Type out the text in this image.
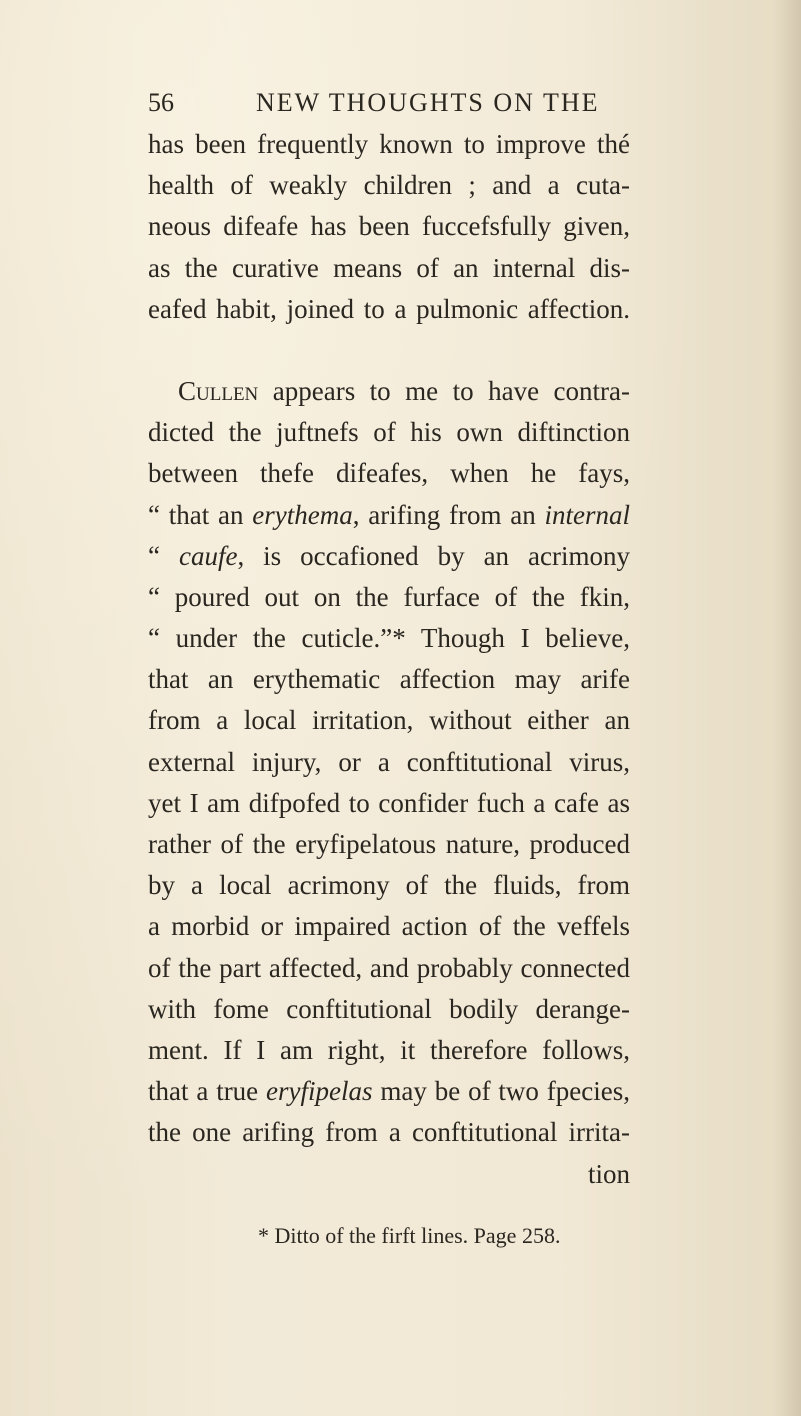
56	NEW THOUGHTS ON THE
has been frequently known to improve thé
health of weakly children ; and a cuta-
neous difeafe has been fuccefsfully given,
as the curative means of an internal dis-
eafed habit, joined to a pulmonic affection.
Cullen appears to me to have contra-
dicted the juftnefs of his own diftinction
between thefe difeafes, when he fays,
“ that an erythema, arifing from an internal
“ caufe, is occafioned by an acrimony
“ poured out on the furface of the fkin,
“ under the cuticle.”* Though I believe,
that an erythematic affection may arife
from a local irritation, without either an
external injury, or a conftitutional virus,
yet I am difpofed to confider fuch a cafe as
rather of the eryfipelatous nature, produced
by a local acrimony of the fluids, from
a morbid or impaired action of the veffels
of the part affected, and probably connected
with fome conftitutional bodily derange-
ment. If I am right, it therefore follows,
that a true eryfipelas may be of two fpecies,
the one arifing from a conftitutional irrita-
tion
* Ditto of the firft lines. Page 258.
